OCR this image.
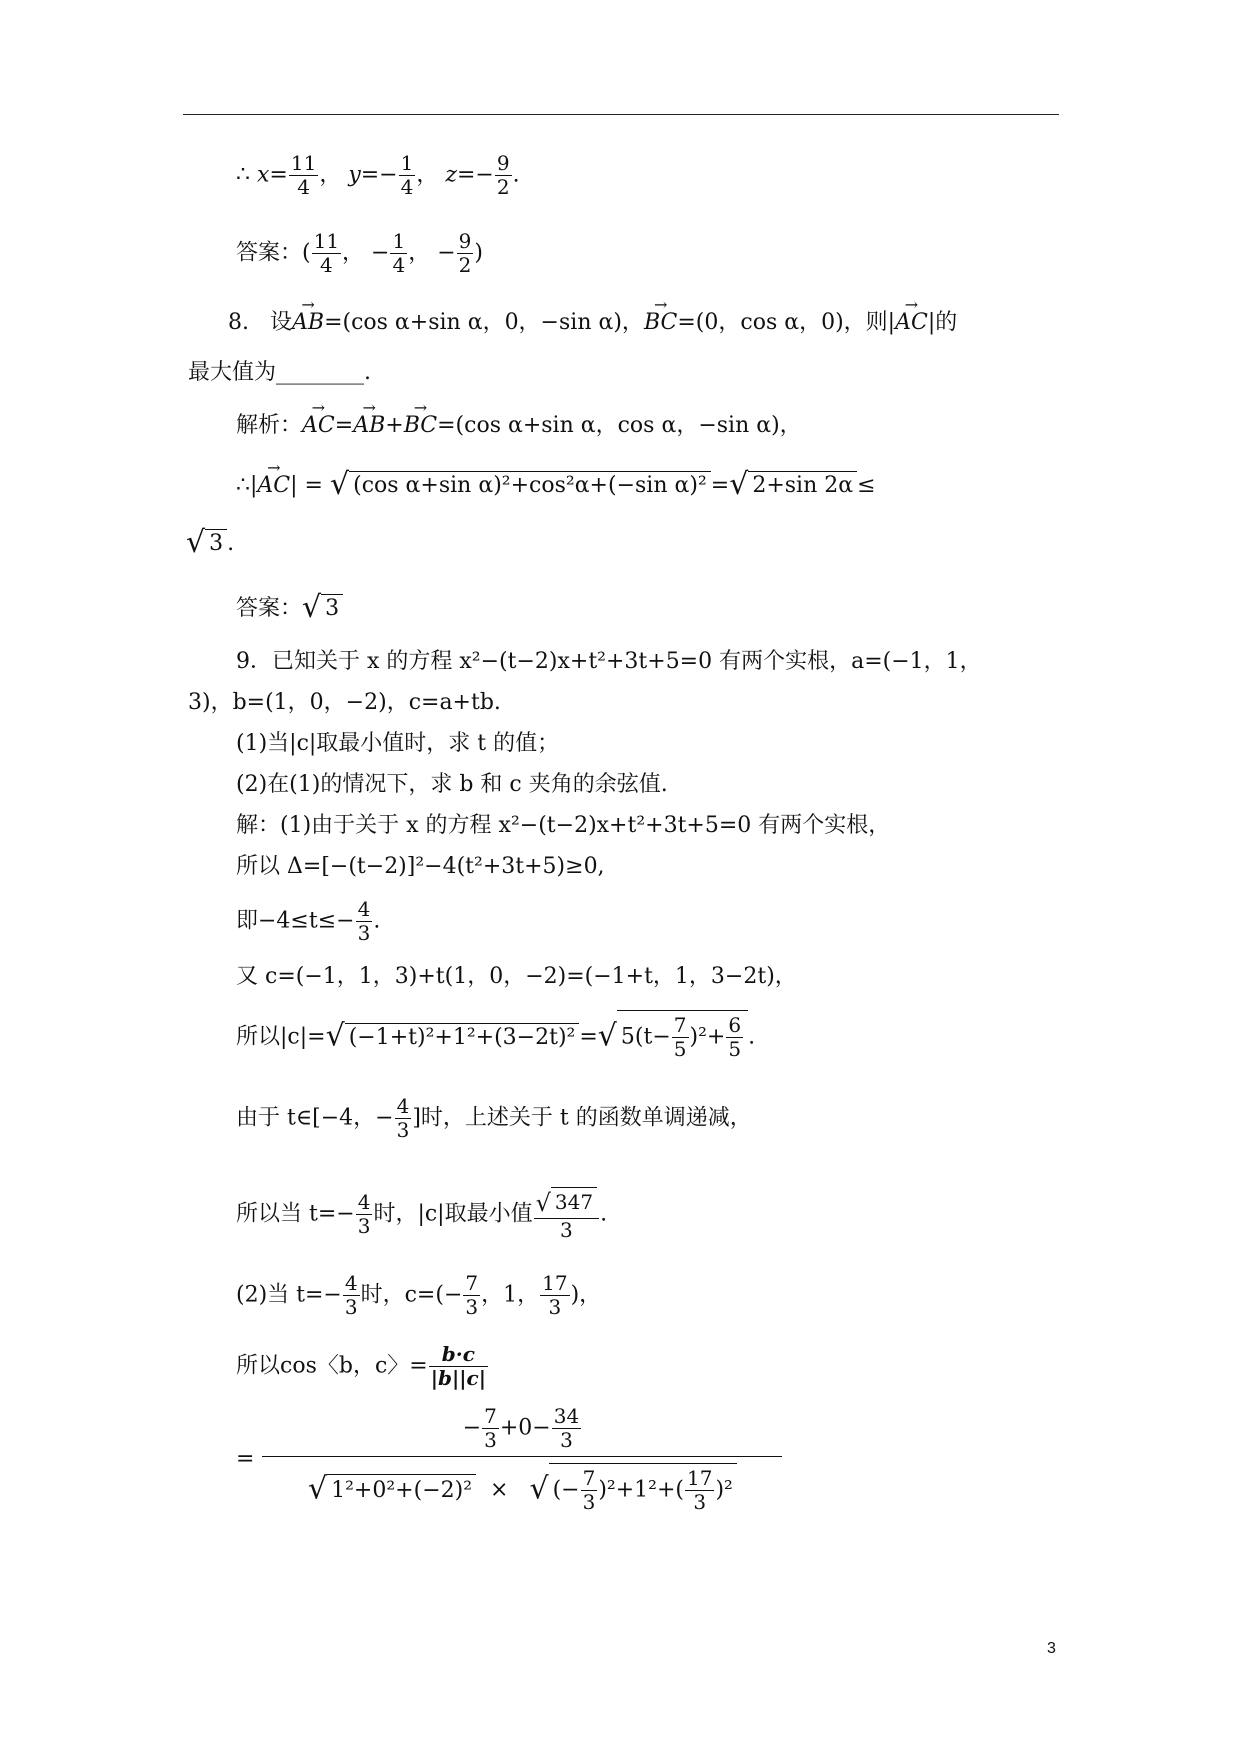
∴ $x= \frac{11}{4}$ ， $y=- \frac{1}{4}$ ， $z=- \frac{9}{2}$ .
答案：( $\frac{11}{4}$ ， − $\frac{1}{4}$ ， − $\frac{9}{2}$ )
8. 设→ AB=(cos α+sin α，0，−sin α)，→ BC=(0，cos α，0)，则|→ AC|的
最大值为________.
解析：→ AC=→ AB+→ BC=(cos α+sin α，cos α，−sin α)，
∴|→ AC| = √ (cos α+sin α)²+cos²α+(−sin α)² =√ 2+sin 2α ≤
√ 3 .
答案：√ 3
9．已知关于 x 的方程 x²−(t−2)x+t²+3t+5=0 有两个实根，a=(−1，1，
3)，b=(1，0，−2)，c=a+tb.
(1)当|c|取最小值时，求 t 的值；
(2)在(1)的情况下，求 b 和 c 夹角的余弦值.
解：(1)由于关于 x 的方程 x²−(t−2)x+t²+3t+5=0 有两个实根，
所以 Δ=[−(t−2)]²−4(t²+3t+5)≥0,
即$-4\le t\le- \frac{4}{3}$ .
又 c=(−1，1，3)+t(1，0，−2)=(−1+t，1，3−2t)，
所以|c|=√ (−1+t)²+1²+(3−2t)² =√ $5(t- \frac{7}{5} )^2+ \frac{6}{5}$ .
由于 t∈[−4，− $\frac{4}{3}$ ]时，上述关于 t 的函数单调递减，
所以当 $t=- \frac{4}{3}$ 时，|c|取最小值 $\frac{√ 347}{3}$ .
(2)当 $t=- \frac{4}{3}$ 时，$c=(- \frac{7}{3}$ ，1， $\frac{17}{3}$ )，
所以cos〈b，c〉= $\frac{b\cdot c}{|b||c|}$
= $\frac{- \frac{7}{3} +0- \frac{34}{3}}{√ 1^2+0^2+(-2)^2 \times √ (- \frac{7}{3} )^2+1^2+( \frac{17}{3} )^2}$
3
